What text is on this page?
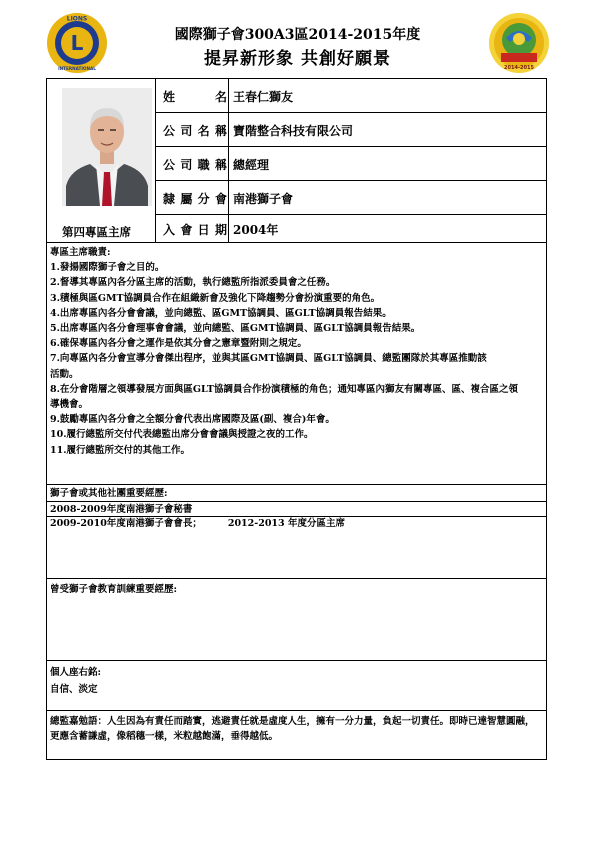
L
LIONS
INTERNATIONAL	2014-2015
國際獅子會300A3區2014-2015年度
提昇新形象 共創好願景
第四專區主席
姓	名 王春仁獅友
公 司 名 稱 寶階整合科技有限公司
公 司 職 稱 總經理
隸 屬 分 會 南港獅子會
入 會 日 期 2004年
專區主席職責:
1.發揚國際獅子會之目的。
2.督導其專區內各分區主席的活動，執行總監所指派委員會之任務。
3.積極與區GMT協調員合作在組織新會及強化下降趨勢分會扮演重要的角色。
4.出席專區內各分會會議，並向總監、區GMT協調員、區GLT協調員報告結果。
5.出席專區內各分會理事會會議，並向總監、區GMT協調員、區GLT協調員報告結果。
6.確保專區內各分會之運作是依其分會之憲章暨附則之規定。
7.向專區內各分會宣導分會傑出程序，並與其區GMT協調員、區GLT協調員、總監團隊於其專區推動該活動。
8.在分會階層之領導發展方面與區GLT協調員合作扮演積極的角色；通知專區內獅友有關專區、區、複合區之領導機會。
9.鼓勵專區內各分會之全額分會代表出席國際及區(副、複合)年會。
10.履行總監所交付代表總監出席分會會議與授證之夜的工作。
11.履行總監所交付的其他工作。
獅子會或其他社團重要經歷:
2008-2009年度南港獅子會秘書
2009-2010年度南港獅子會會長；	2012-2013 年度分區主席
曾受獅子會教育訓練重要經歷:
個人座右銘:
自信、淡定
總監嘉勉語：人生因為有責任而踏實，逃避責任就是虛度人生，擁有一分力量，負起一切責任。即時已達智慧圓融，更應含蓄謙虛，像稻穗一樣，米粒越飽滿，垂得越低。
